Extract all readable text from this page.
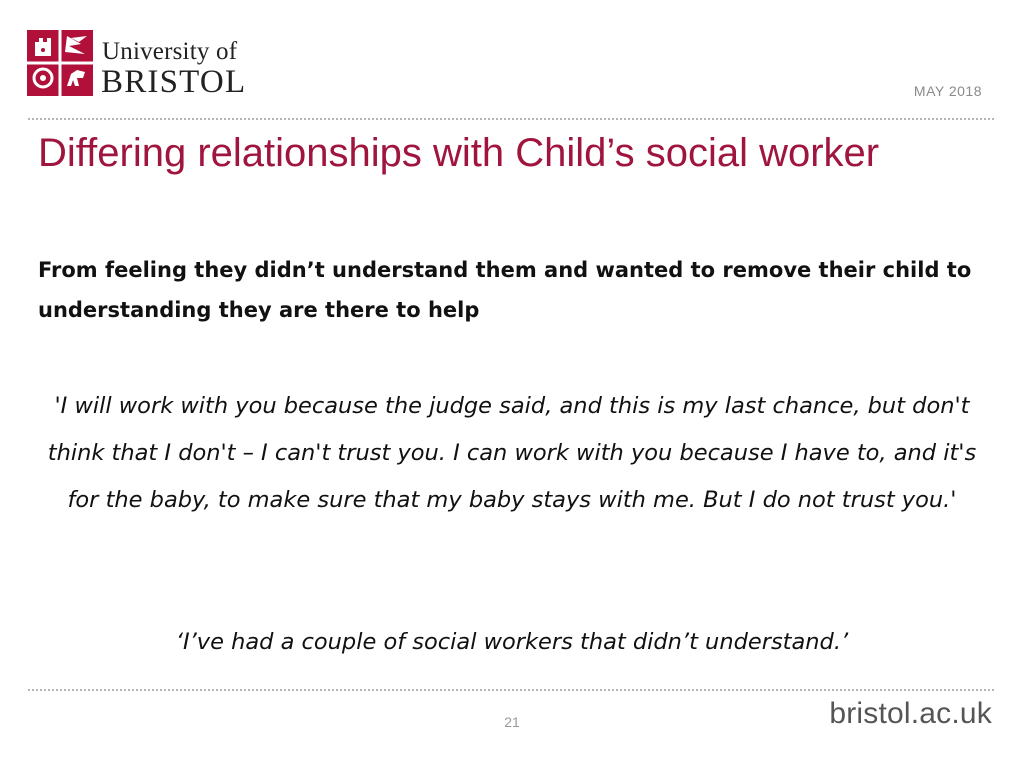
University of
BRISTOL	MAY 2018
Differing relationships with Child’s social worker

From feeling they didn’t understand them and wanted to remove their child to understanding they are there to help

'I will work with you because the judge said, and this is my last chance, but don't think that I don't – I can't trust you. I can work with you because I have to, and it's for the baby, to make sure that my baby stays with me. But I do not trust you.'

‘I’ve had a couple of social workers that didn’t understand.’

21	bristol.ac.uk
